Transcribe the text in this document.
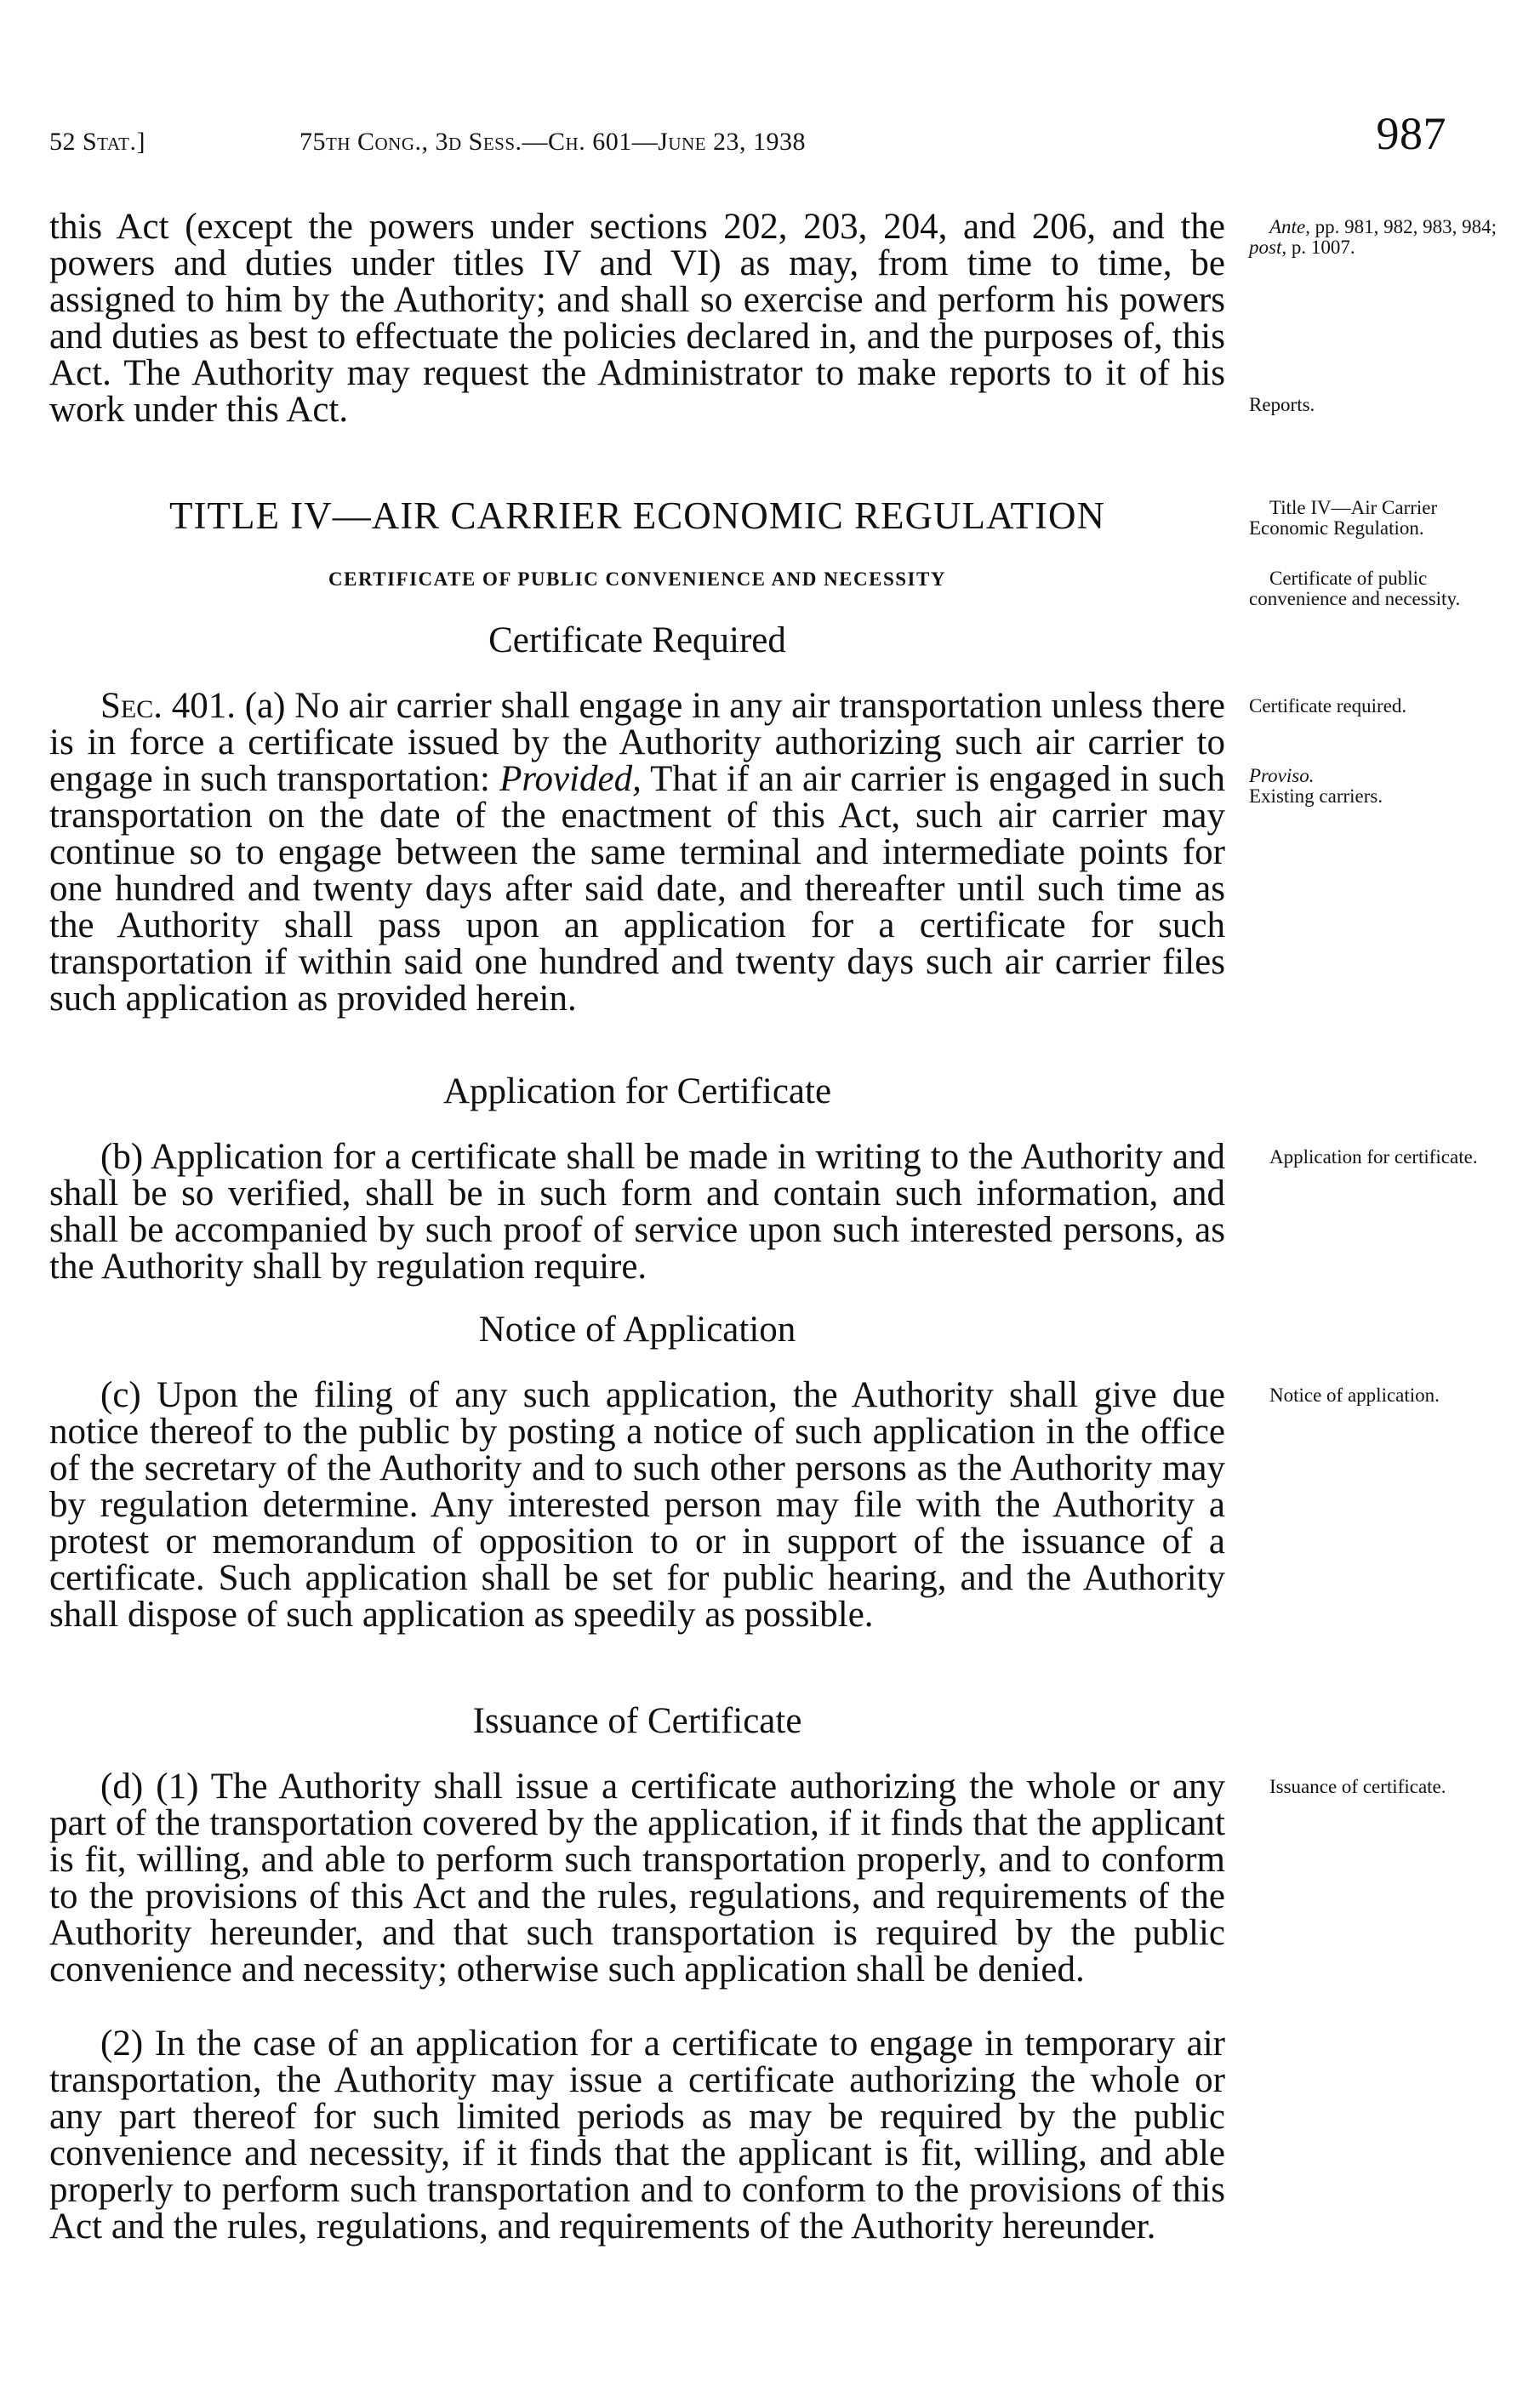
52 Stat.]	75th Cong., 3d Sess.—Ch. 601—June 23, 1938	987

this Act (except the powers under sections 202, 203, 204, and 206, and the powers and duties under titles IV and VI) as may, from time to time, be assigned to him by the Authority; and shall so exercise and perform his powers and duties as best to effectuate the policies declared in, and the purposes of, this Act. The Authority may request the Administrator to make reports to it of his work under this Act.

TITLE IV—AIR CARRIER ECONOMIC REGULATION
CERTIFICATE OF PUBLIC CONVENIENCE AND NECESSITY
Certificate Required

Sec. 401. (a) No air carrier shall engage in any air transportation unless there is in force a certificate issued by the Authority authorizing such air carrier to engage in such transportation: Provided, That if an air carrier is engaged in such transportation on the date of the enactment of this Act, such air carrier may continue so to engage between the same terminal and intermediate points for one hundred and twenty days after said date, and thereafter until such time as the Authority shall pass upon an application for a certificate for such transportation if within said one hundred and twenty days such air carrier files such application as provided herein.

Application for Certificate

(b) Application for a certificate shall be made in writing to the Authority and shall be so verified, shall be in such form and contain such information, and shall be accompanied by such proof of service upon such interested persons, as the Authority shall by regulation require.

Notice of Application

(c) Upon the filing of any such application, the Authority shall give due notice thereof to the public by posting a notice of such application in the office of the secretary of the Authority and to such other persons as the Authority may by regulation determine. Any interested person may file with the Authority a protest or memorandum of opposition to or in support of the issuance of a certificate. Such application shall be set for public hearing, and the Authority shall dispose of such application as speedily as possible.

Issuance of Certificate

(d) (1) The Authority shall issue a certificate authorizing the whole or any part of the transportation covered by the application, if it finds that the applicant is fit, willing, and able to perform such transportation properly, and to conform to the provisions of this Act and the rules, regulations, and requirements of the Authority hereunder, and that such transportation is required by the public convenience and necessity; otherwise such application shall be denied.

(2) In the case of an application for a certificate to engage in temporary air transportation, the Authority may issue a certificate authorizing the whole or any part thereof for such limited periods as may be required by the public convenience and necessity, if it finds that the applicant is fit, willing, and able properly to perform such transportation and to conform to the provisions of this Act and the rules, regulations, and requirements of the Authority hereunder.

Ante, pp. 981, 982, 983, 984; post, p. 1007.
Reports.
Title IV—Air Carrier Economic Regulation.
Certificate of public convenience and necessity.
Certificate required.
Proviso.
Existing carriers.
Application for certificate.
Notice of application.
Issuance of certificate.
